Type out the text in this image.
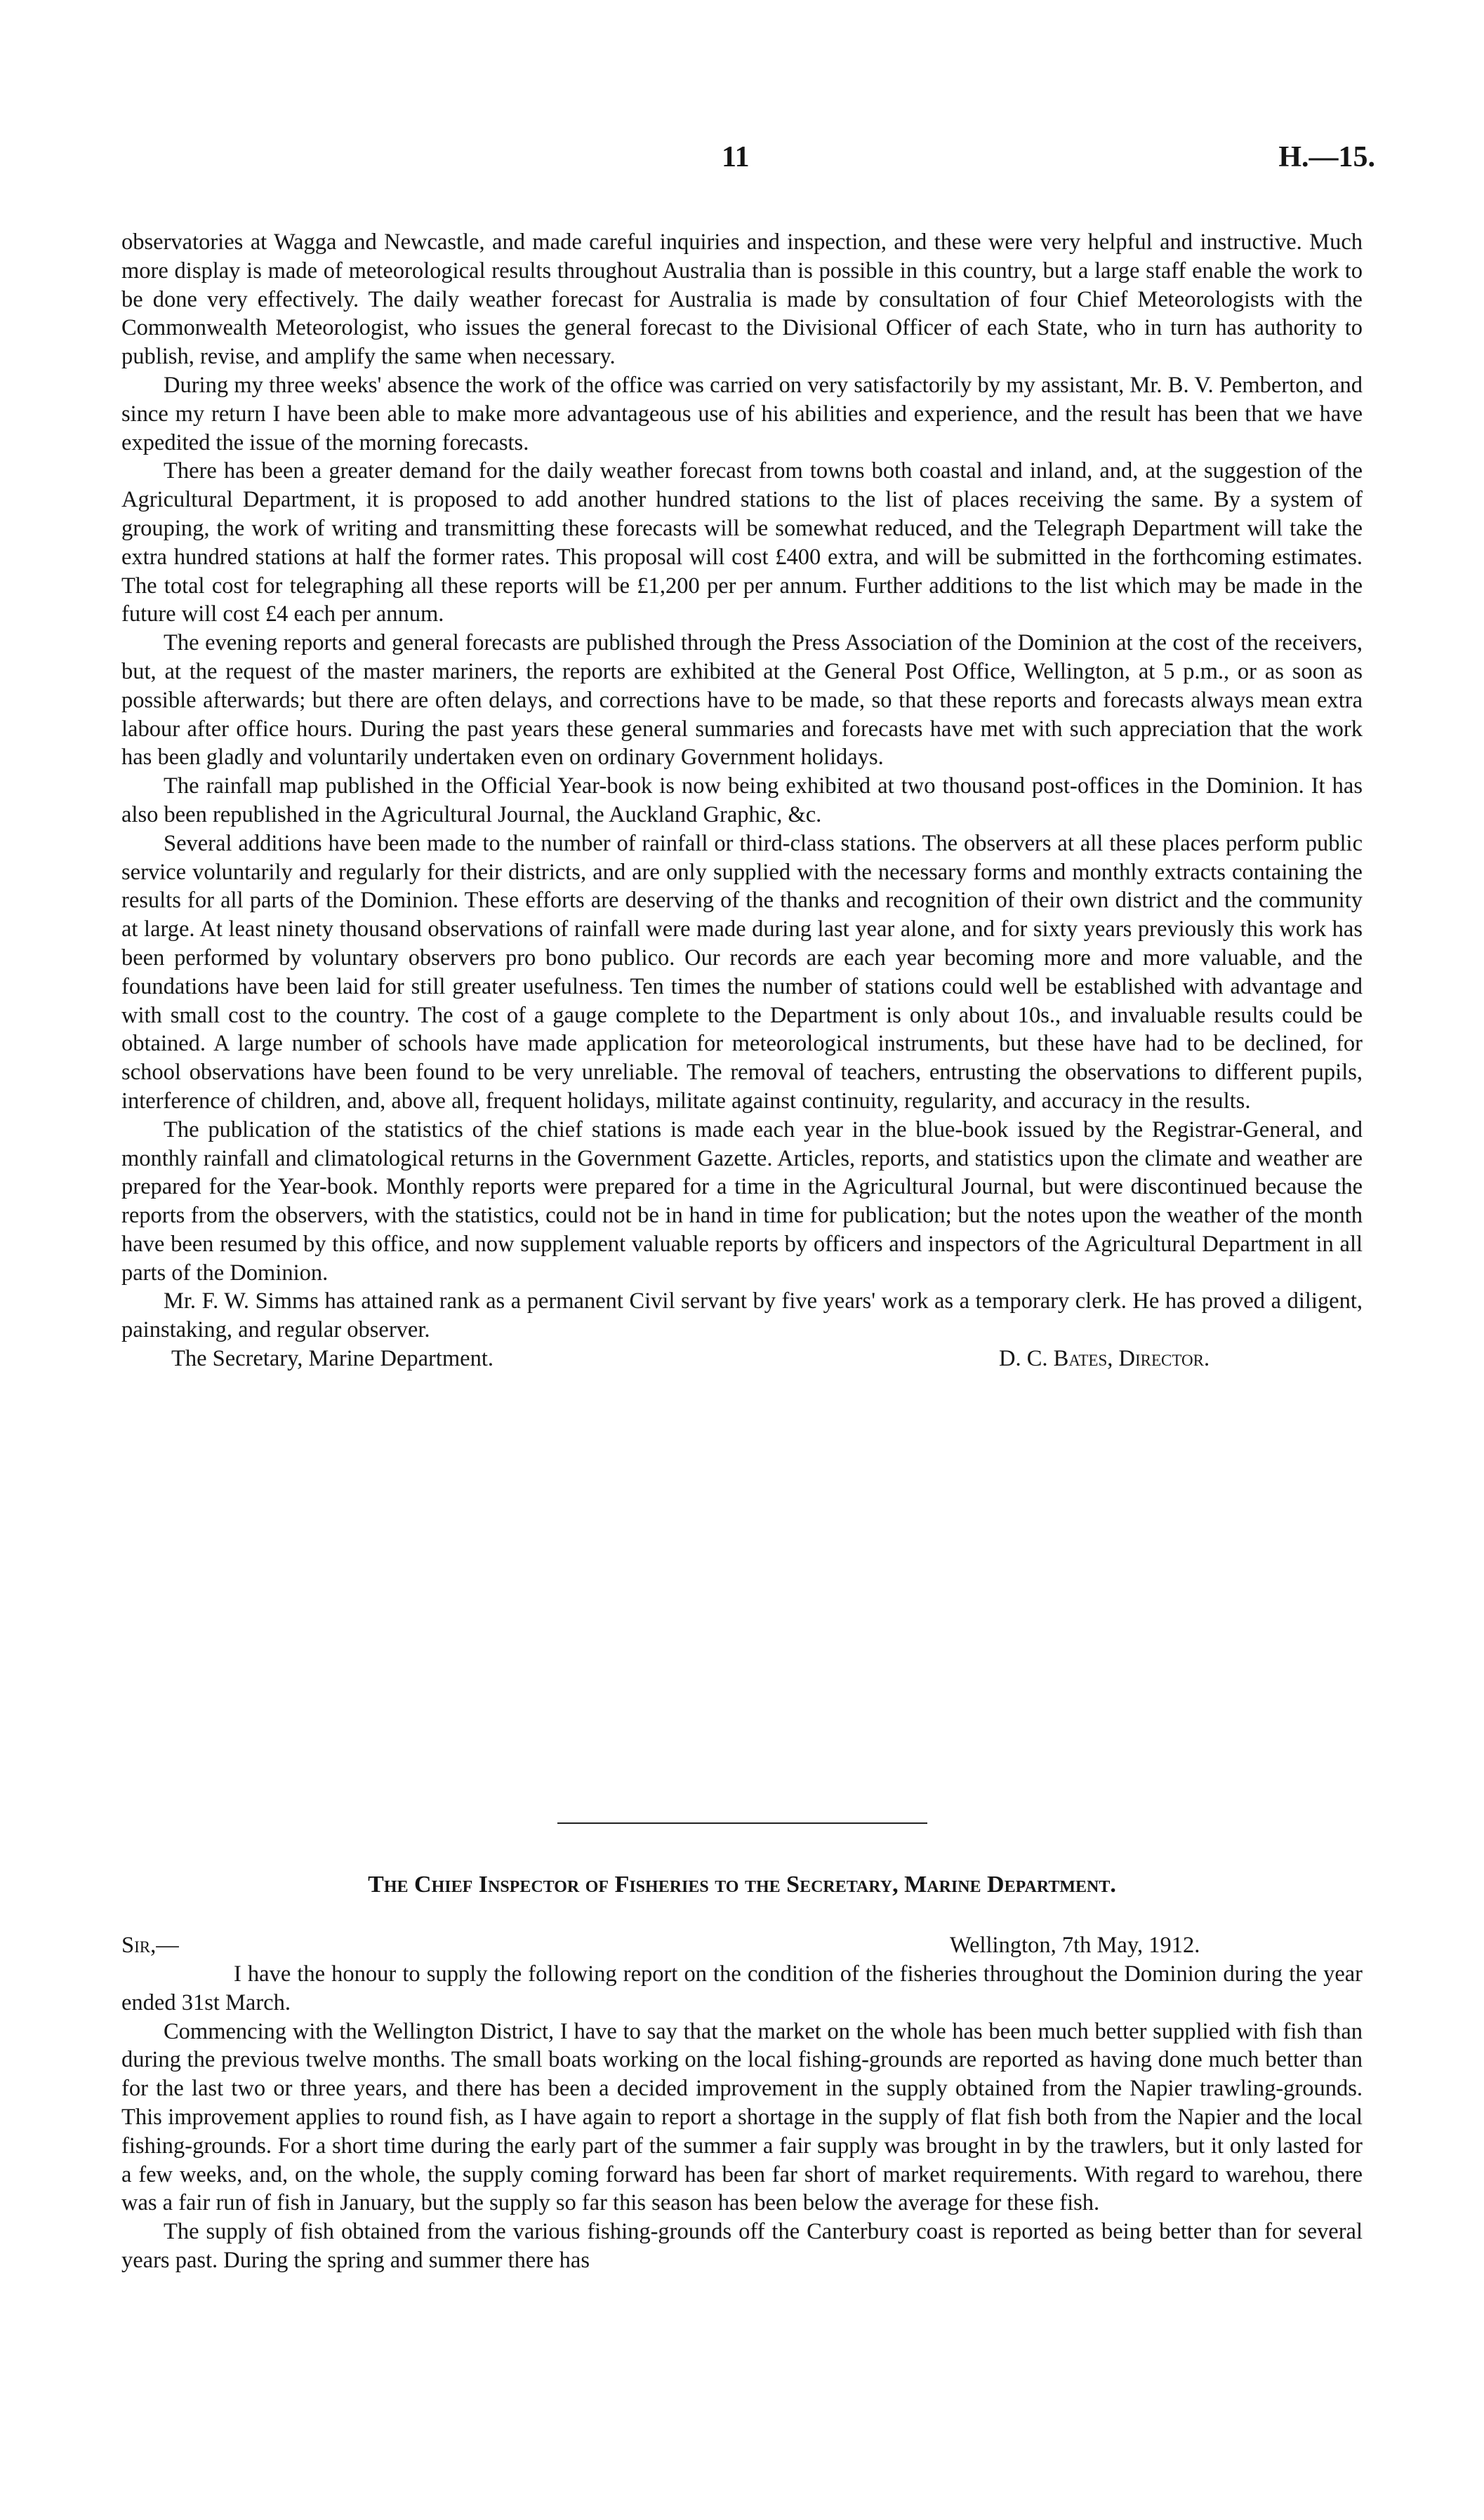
11	H.—15.

observatories at Wagga and Newcastle, and made careful inquiries and inspection, and these were very helpful and instructive. Much more display is made of meteorological results throughout Australia than is possible in this country, but a large staff enable the work to be done very effectively. The daily weather forecast for Australia is made by consultation of four Chief Meteorologists with the Commonwealth Meteorologist, who issues the general forecast to the Divisional Officer of each State, who in turn has authority to publish, revise, and amplify the same when necessary.

During my three weeks' absence the work of the office was carried on very satisfactorily by my assistant, Mr. B. V. Pemberton, and since my return I have been able to make more advantageous use of his abilities and experience, and the result has been that we have expedited the issue of the morning forecasts.

There has been a greater demand for the daily weather forecast from towns both coastal and inland, and, at the suggestion of the Agricultural Department, it is proposed to add another hundred stations to the list of places receiving the same. By a system of grouping, the work of writing and transmitting these forecasts will be somewhat reduced, and the Telegraph Department will take the extra hundred stations at half the former rates. This proposal will cost £400 extra, and will be submitted in the forthcoming estimates. The total cost for telegraphing all these reports will be £1,200 per per annum. Further additions to the list which may be made in the future will cost £4 each per annum.

The evening reports and general forecasts are published through the Press Association of the Dominion at the cost of the receivers, but, at the request of the master mariners, the reports are exhibited at the General Post Office, Wellington, at 5 p.m., or as soon as possible afterwards; but there are often delays, and corrections have to be made, so that these reports and forecasts always mean extra labour after office hours. During the past years these general summaries and forecasts have met with such appreciation that the work has been gladly and voluntarily undertaken even on ordinary Government holidays.

The rainfall map published in the Official Year-book is now being exhibited at two thousand post-offices in the Dominion. It has also been republished in the Agricultural Journal, the Auckland Graphic, &c.

Several additions have been made to the number of rainfall or third-class stations. The observers at all these places perform public service voluntarily and regularly for their districts, and are only supplied with the necessary forms and monthly extracts containing the results for all parts of the Dominion. These efforts are deserving of the thanks and recognition of their own district and the community at large. At least ninety thousand observations of rainfall were made during last year alone, and for sixty years previously this work has been performed by voluntary observers pro bono publico. Our records are each year becoming more and more valuable, and the foundations have been laid for still greater usefulness. Ten times the number of stations could well be established with advantage and with small cost to the country. The cost of a gauge complete to the Department is only about 10s., and invaluable results could be obtained. A large number of schools have made application for meteorological instruments, but these have had to be declined, for school observations have been found to be very unreliable. The removal of teachers, entrusting the observations to different pupils, interference of children, and, above all, frequent holidays, militate against continuity, regularity, and accuracy in the results.

The publication of the statistics of the chief stations is made each year in the blue-book issued by the Registrar-General, and monthly rainfall and climatological returns in the Government Gazette. Articles, reports, and statistics upon the climate and weather are prepared for the Year-book. Monthly reports were prepared for a time in the Agricultural Journal, but were discontinued because the reports from the observers, with the statistics, could not be in hand in time for publication; but the notes upon the weather of the month have been resumed by this office, and now supplement valuable reports by officers and inspectors of the Agricultural Department in all parts of the Dominion.

Mr. F. W. Simms has attained rank as a permanent Civil servant by five years' work as a temporary clerk. He has proved a diligent, painstaking, and regular observer.

The Secretary, Marine Department.	D. C. Bates, Director.
The Chief Inspector of Fisheries to the Secretary, Marine Department.
Sir,—	Wellington, 7th May, 1912.

I have the honour to supply the following report on the condition of the fisheries throughout the Dominion during the year ended 31st March.

Commencing with the Wellington District, I have to say that the market on the whole has been much better supplied with fish than during the previous twelve months. The small boats working on the local fishing-grounds are reported as having done much better than for the last two or three years, and there has been a decided improvement in the supply obtained from the Napier trawling-grounds. This improvement applies to round fish, as I have again to report a shortage in the supply of flat fish both from the Napier and the local fishing-grounds. For a short time during the early part of the summer a fair supply was brought in by the trawlers, but it only lasted for a few weeks, and, on the whole, the supply coming forward has been far short of market requirements. With regard to warehou, there was a fair run of fish in January, but the supply so far this season has been below the average for these fish.

The supply of fish obtained from the various fishing-grounds off the Canterbury coast is reported as being better than for several years past. During the spring and summer there has
